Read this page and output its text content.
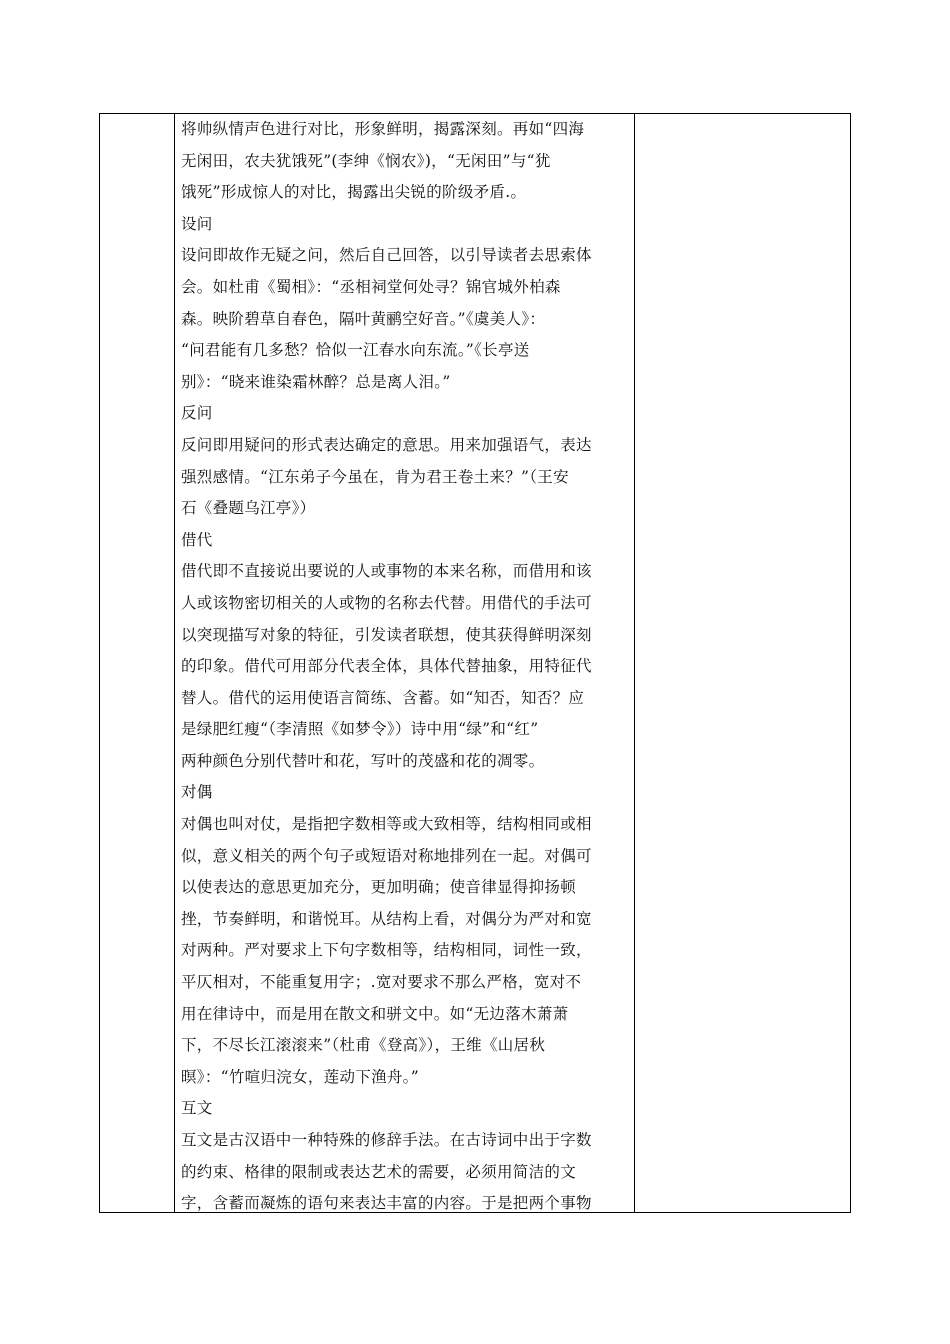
将帅纵情声色进行对比，形象鲜明，揭露深刻。再如“四海

无闲田，农夫犹饿死”(李绅《悯农》)，“无闲田”与“犹

饿死”形成惊人的对比，揭露出尖锐的阶级矛盾.。

设问

设问即故作无疑之问，然后自己回答，以引导读者去思索体

会。如杜甫《蜀相》：“丞相祠堂何处寻？锦官城外柏森

森。映阶碧草自春色，隔叶黄鹂空好音。”《虞美人》：

“问君能有几多愁？恰似一江春水向东流。”《长亭送

别》：“晓来谁染霜林醉？总是离人泪。”

反问

反问即用疑问的形式表达确定的意思。用来加强语气，表达

强烈感情。“江东弟子今虽在，肯为君王卷土来？”（王安

石《叠题乌江亭》）

借代

借代即不直接说出要说的人或事物的本来名称，而借用和该

人或该物密切相关的人或物的名称去代替。用借代的手法可

以突现描写对象的特征，引发读者联想，使其获得鲜明深刻

的印象。借代可用部分代表全体，具体代替抽象，用特征代

替人。借代的运用使语言简练、含蓄。如“知否，知否？应

是绿肥红瘦“（李清照《如梦令》）诗中用“绿”和“红”

两种颜色分别代替叶和花，写叶的茂盛和花的凋零。

对偶

对偶也叫对仗，是指把字数相等或大致相等，结构相同或相

似，意义相关的两个句子或短语对称地排列在一起。对偶可

以使表达的意思更加充分，更加明确；使音律显得抑扬顿

挫，节奏鲜明，和谐悦耳。从结构上看，对偶分为严对和宽

对两种。严对要求上下句字数相等，结构相同，词性一致，

平仄相对，不能重复用字；.宽对要求不那么严格，宽对不

用在律诗中，而是用在散文和骈文中。如“无边落木萧萧

下，不尽长江滚滚来”（杜甫《登高》），王维《山居秋

暝》：“竹喧归浣女，莲动下渔舟。”

互文

互文是古汉语中一种特殊的修辞手法。在古诗词中出于字数

的约束、格律的限制或表达艺术的需要，必须用简洁的文

字，含蓄而凝炼的语句来表达丰富的内容。于是把两个事物
